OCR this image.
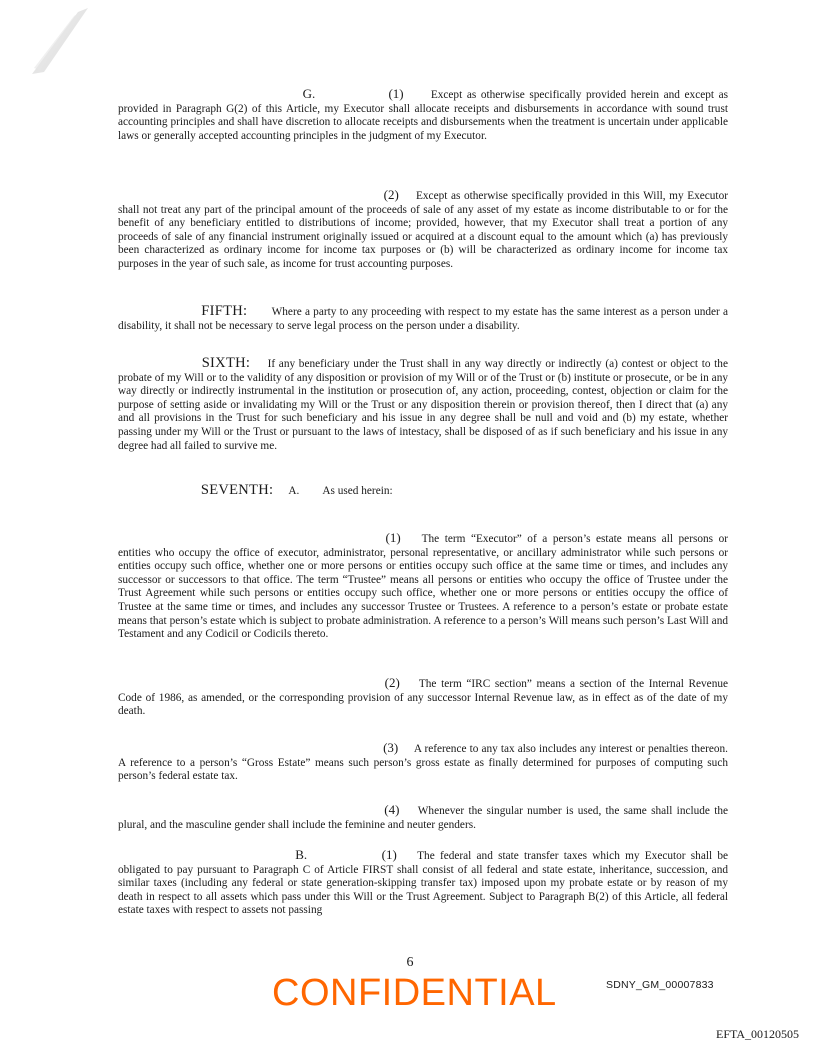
G.	(1) Except as otherwise specifically provided herein and except as provided in Paragraph G(2) of this Article, my Executor shall allocate receipts and disbursements in accordance with sound trust accounting principles and shall have discretion to allocate receipts and disbursements when the treatment is uncertain under applicable laws or generally accepted accounting principles in the judgment of my Executor.

(2) Except as otherwise specifically provided in this Will, my Executor shall not treat any part of the principal amount of the proceeds of sale of any asset of my estate as income distributable to or for the benefit of any beneficiary entitled to distributions of income; provided, however, that my Executor shall treat a portion of any proceeds of sale of any financial instrument originally issued or acquired at a discount equal to the amount which (a) has previously been characterized as ordinary income for income tax purposes or (b) will be characterized as ordinary income for income tax purposes in the year of such sale, as income for trust accounting purposes.

FIFTH: Where a party to any proceeding with respect to my estate has the same interest as a person under a disability, it shall not be necessary to serve legal process on the person under a disability.

SIXTH: If any beneficiary under the Trust shall in any way directly or indirectly (a) contest or object to the probate of my Will or to the validity of any disposition or provision of my Will or of the Trust or (b) institute or prosecute, or be in any way directly or indirectly instrumental in the institution or prosecution of, any action, proceeding, contest, objection or claim for the purpose of setting aside or invalidating my Will or the Trust or any disposition therein or provision thereof, then I direct that (a) any and all provisions in the Trust for such beneficiary and his issue in any degree shall be null and void and (b) my estate, whether passing under my Will or the Trust or pursuant to the laws of intestacy, shall be disposed of as if such beneficiary and his issue in any degree had all failed to survive me.

SEVENTH: A. As used herein:

(1) The term “Executor” of a person’s estate means all persons or entities who occupy the office of executor, administrator, personal representative, or ancillary administrator while such persons or entities occupy such office, whether one or more persons or entities occupy such office at the same time or times, and includes any successor or successors to that office. The term “Trustee” means all persons or entities who occupy the office of Trustee under the Trust Agreement while such persons or entities occupy such office, whether one or more persons or entities occupy the office of Trustee at the same time or times, and includes any successor Trustee or Trustees. A reference to a person’s estate or probate estate means that person’s estate which is subject to probate administration. A reference to a person’s Will means such person’s Last Will and Testament and any Codicil or Codicils thereto.

(2) The term “IRC section” means a section of the Internal Revenue Code of 1986, as amended, or the corresponding provision of any successor Internal Revenue law, as in effect as of the date of my death.

(3) A reference to any tax also includes any interest or penalties thereon. A reference to a person’s “Gross Estate” means such person’s gross estate as finally determined for purposes of computing such person’s federal estate tax.

(4) Whenever the singular number is used, the same shall include the plural, and the masculine gender shall include the feminine and neuter genders.

B.	(1) The federal and state transfer taxes which my Executor shall be obligated to pay pursuant to Paragraph C of Article FIRST shall consist of all federal and state estate, inheritance, succession, and similar taxes (including any federal or state generation-skipping transfer tax) imposed upon my probate estate or by reason of my death in respect to all assets which pass under this Will or the Trust Agreement. Subject to Paragraph B(2) of this Article, all federal estate taxes with respect to assets not passing

6
SDNY_GM_00007833
CONFIDENTIAL
EFTA_00120505
